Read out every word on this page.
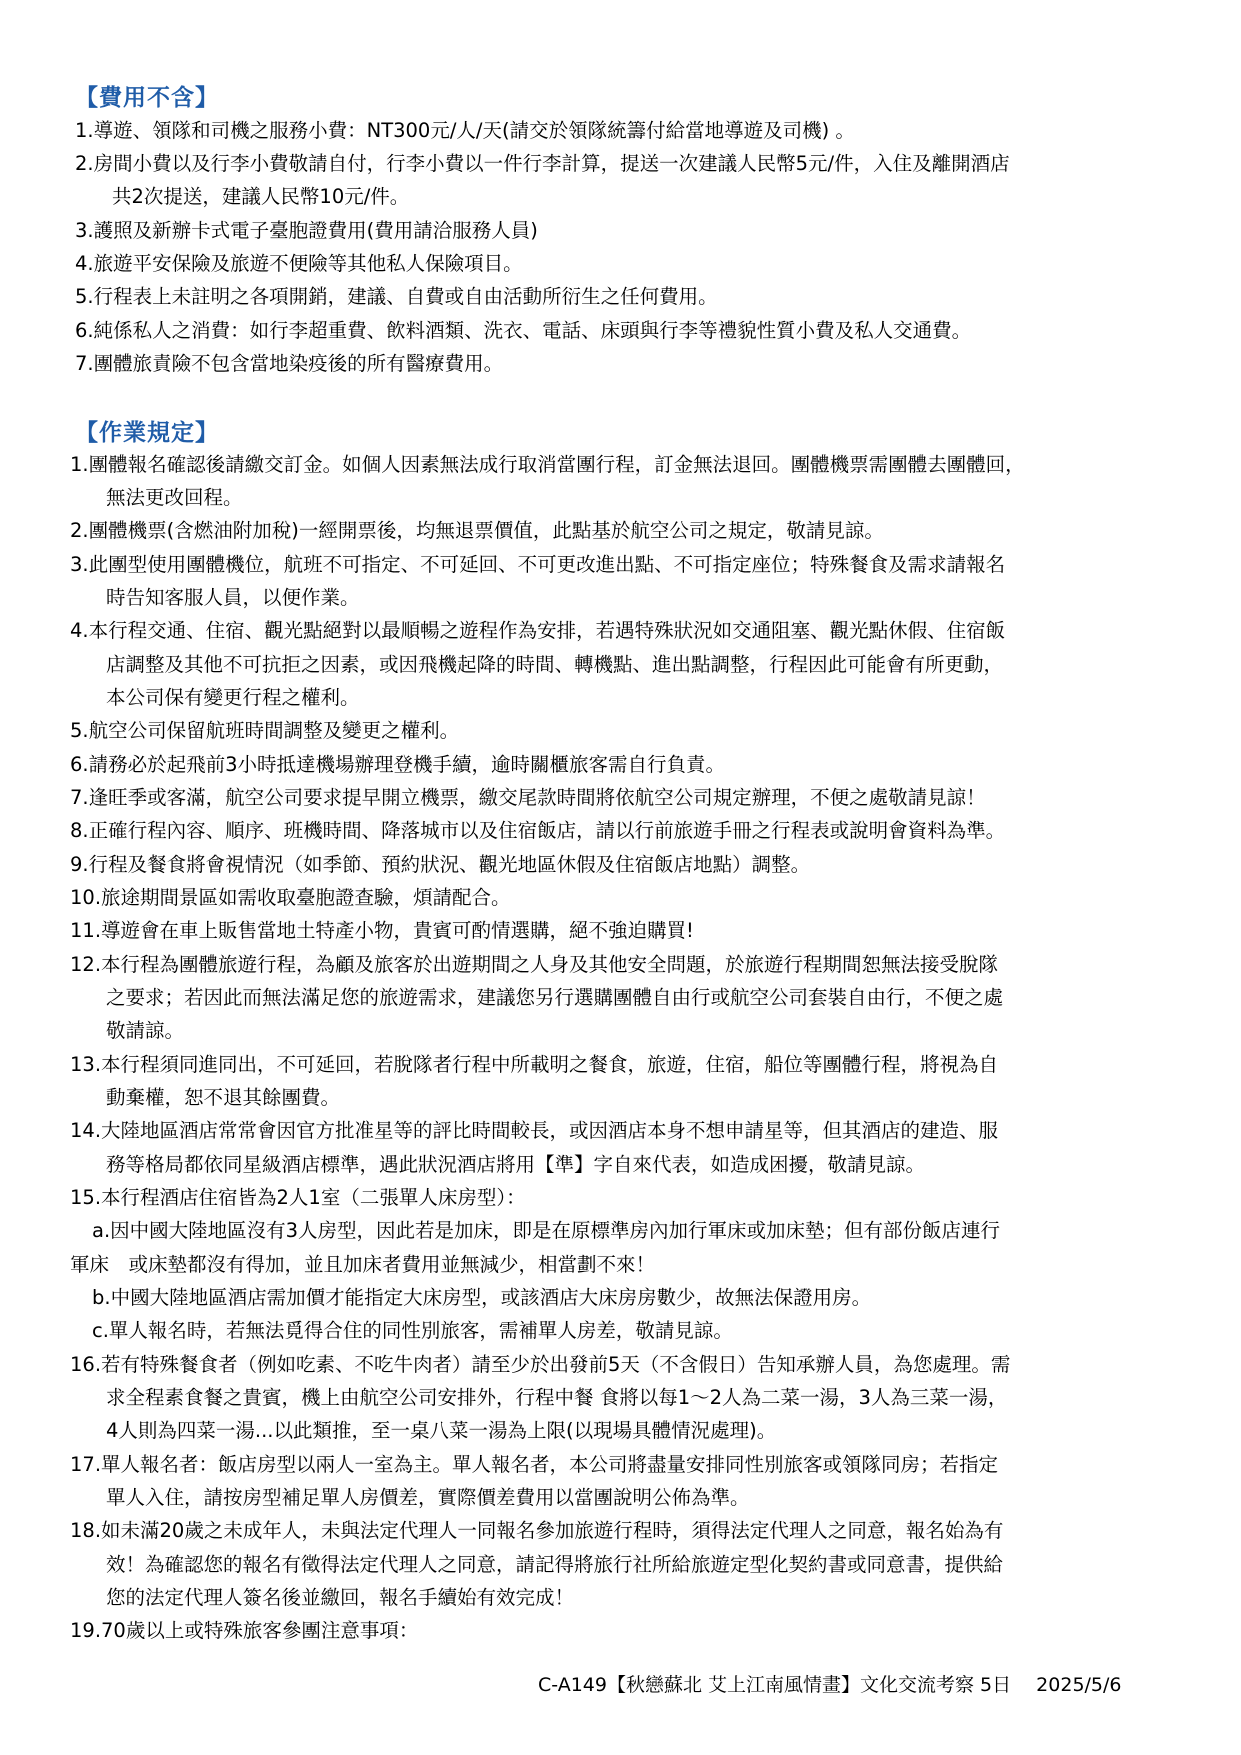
【費用不含】
1.導遊、領隊和司機之服務小費：NT300元/人/天(請交於領隊統籌付給當地導遊及司機) 。
2.房間小費以及行李小費敬請自付，行李小費以一件行李計算，提送一次建議人民幣5元/件，入住及離開酒店
共2次提送，建議人民幣10元/件。
3.護照及新辦卡式電子臺胞證費用(費用請洽服務人員)
4.旅遊平安保險及旅遊不便險等其他私人保險項目。
5.行程表上未註明之各項開銷，建議、自費或自由活動所衍生之任何費用。
6.純係私人之消費：如行李超重費、飲料酒類、洗衣、電話、床頭與行李等禮貌性質小費及私人交通費。
7.團體旅責險不包含當地染疫後的所有醫療費用。
【作業規定】
1.團體報名確認後請繳交訂金。如個人因素無法成行取消當團行程，訂金無法退回。團體機票需團體去團體回，
無法更改回程。
2.團體機票(含燃油附加稅)一經開票後，均無退票價值，此點基於航空公司之規定，敬請見諒。
3.此團型使用團體機位，航班不可指定、不可延回、不可更改進出點、不可指定座位；特殊餐食及需求請報名
時告知客服人員，以便作業。
4.本行程交通、住宿、觀光點絕對以最順暢之遊程作為安排，若遇特殊狀況如交通阻塞、觀光點休假、住宿飯
店調整及其他不可抗拒之因素，或因飛機起降的時間、轉機點、進出點調整，行程因此可能會有所更動，
本公司保有變更行程之權利。
5.航空公司保留航班時間調整及變更之權利。
6.請務必於起飛前3小時抵達機場辦理登機手續，逾時關櫃旅客需自行負責。
7.逢旺季或客滿，航空公司要求提早開立機票，繳交尾款時間將依航空公司規定辦理，不便之處敬請見諒！
8.正確行程內容、順序、班機時間、降落城市以及住宿飯店，請以行前旅遊手冊之行程表或說明會資料為準。
9.行程及餐食將會視情況（如季節、預約狀況、觀光地區休假及住宿飯店地點）調整。
10.旅途期間景區如需收取臺胞證查驗，煩請配合。
11.導遊會在車上販售當地土特產小物，貴賓可酌情選購，絕不強迫購買!
12.本行程為團體旅遊行程，為顧及旅客於出遊期間之人身及其他安全問題，於旅遊行程期間恕無法接受脫隊
之要求；若因此而無法滿足您的旅遊需求，建議您另行選購團體自由行或航空公司套裝自由行，不便之處
敬請諒。
13.本行程須同進同出，不可延回，若脫隊者行程中所載明之餐食，旅遊，住宿，船位等團體行程，將視為自
動棄權，恕不退其餘團費。
14.大陸地區酒店常常會因官方批准星等的評比時間較長，或因酒店本身不想申請星等，但其酒店的建造、服
務等格局都依同星級酒店標準，遇此狀況酒店將用【準】字自來代表，如造成困擾，敬請見諒。
15.本行程酒店住宿皆為2人1室（二張單人床房型）：
a.因中國大陸地區沒有3人房型，因此若是加床，即是在原標準房內加行軍床或加床墊；但有部份飯店連行
軍床　或床墊都沒有得加，並且加床者費用並無減少，相當劃不來！
b.中國大陸地區酒店需加價才能指定大床房型，或該酒店大床房房數少，故無法保證用房。
c.單人報名時，若無法覓得合住的同性別旅客，需補單人房差，敬請見諒。
16.若有特殊餐食者（例如吃素、不吃牛肉者）請至少於出發前5天（不含假日）告知承辦人員，為您處理。需
求全程素食餐之貴賓，機上由航空公司安排外，行程中餐 食將以每1～2人為二菜一湯，3人為三菜一湯，
4人則為四菜一湯...以此類推，至一桌八菜一湯為上限(以現場具體情況處理)。
17.單人報名者：飯店房型以兩人一室為主。單人報名者，本公司將盡量安排同性別旅客或領隊同房；若指定
單人入住，請按房型補足單人房價差，實際價差費用以當團說明公佈為準。
18.如未滿20歲之未成年人，未與法定代理人一同報名參加旅遊行程時，須得法定代理人之同意，報名始為有
效！為確認您的報名有徵得法定代理人之同意，請記得將旅行社所給旅遊定型化契約書或同意書，提供給
您的法定代理人簽名後並繳回，報名手續始有效完成！
19.70歲以上或特殊旅客參團注意事項：
C-A149【秋戀蘇北 艾上江南風情畫】文化交流考察 5日　 2025/5/6
